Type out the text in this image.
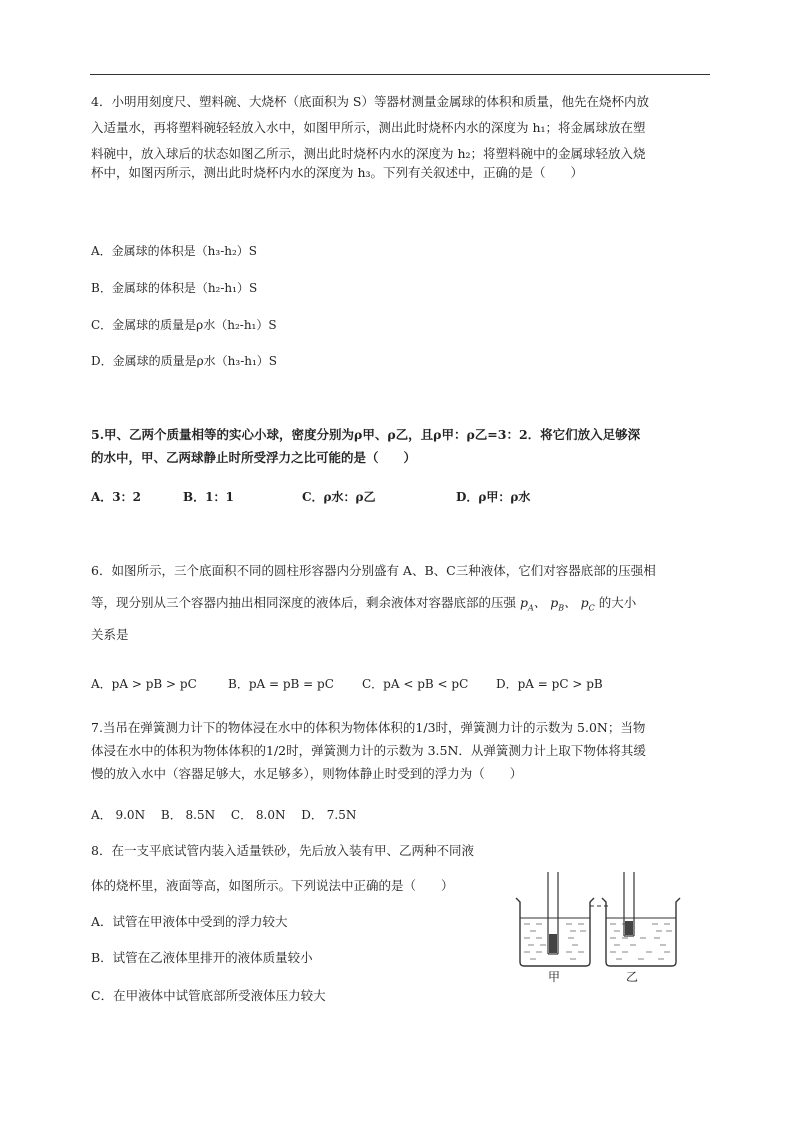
4．小明用刻度尺、塑料碗、大烧杯（底面积为 S）等器材测量金属球的体积和质量，他先在烧杯内放
入适量水，再将塑料碗轻轻放入水中，如图甲所示，测出此时烧杯内水的深度为 h₁；将金属球放在塑
料碗中，放入球后的状态如图乙所示，测出此时烧杯内水的深度为 h₂；将塑料碗中的金属球轻放入烧
杯中，如图丙所示，测出此时烧杯内水的深度为 h₃。下列有关叙述中，正确的是（　　）
A．金属球的体积是（h₃-h₂）S
B．金属球的体积是（h₂-h₁）S
C．金属球的质量是ρ水（h₂-h₁）S
D．金属球的质量是ρ水（h₃-h₁）S
5.甲、乙两个质量相等的实心小球，密度分别为ρ甲、ρ乙，且ρ甲：ρ乙=3：2．将它们放入足够深
的水中，甲、乙两球静止时所受浮力之比可能的是（　　）
A．3：2	B．1：1	C．ρ水：ρ乙	D．ρ甲：ρ水
6．如图所示，三个底面积不同的圆柱形容器内分别盛有 A、B、C三种液体，它们对容器底部的压强相
等，现分别从三个容器内抽出相同深度的液体后，剩余液体对容器底部的压强 $p_A$、 $p_B$、 $p_C$ 的大小
关系是
A．pA > pB > pC	B．pA = pB = pC C．pA < pB < pC D．pA = pC > pB
7.当吊在弹簧测力计下的物体浸在水中的体积为物体体积的1/3时，弹簧测力计的示数为 5.0N；当物
体浸在水中的体积为物体体积的1/2时，弹簧测力计的示数为 3.5N．从弹簧测力计上取下物体将其缓
慢的放入水中（容器足够大，水足够多），则物体静止时受到的浮力为（　　）
A． 9.0N　 B． 8.5N　 C． 8.0N　 D． 7.5N
8．在一支平底试管内装入适量铁砂，先后放入装有甲、乙两种不同液
体的烧杯里，液面等高，如图所示。下列说法中正确的是（　　）
A．试管在甲液体中受到的浮力较大
B．试管在乙液体里排开的液体质量较小
C．在甲液体中试管底部所受液体压力较大
甲	乙
